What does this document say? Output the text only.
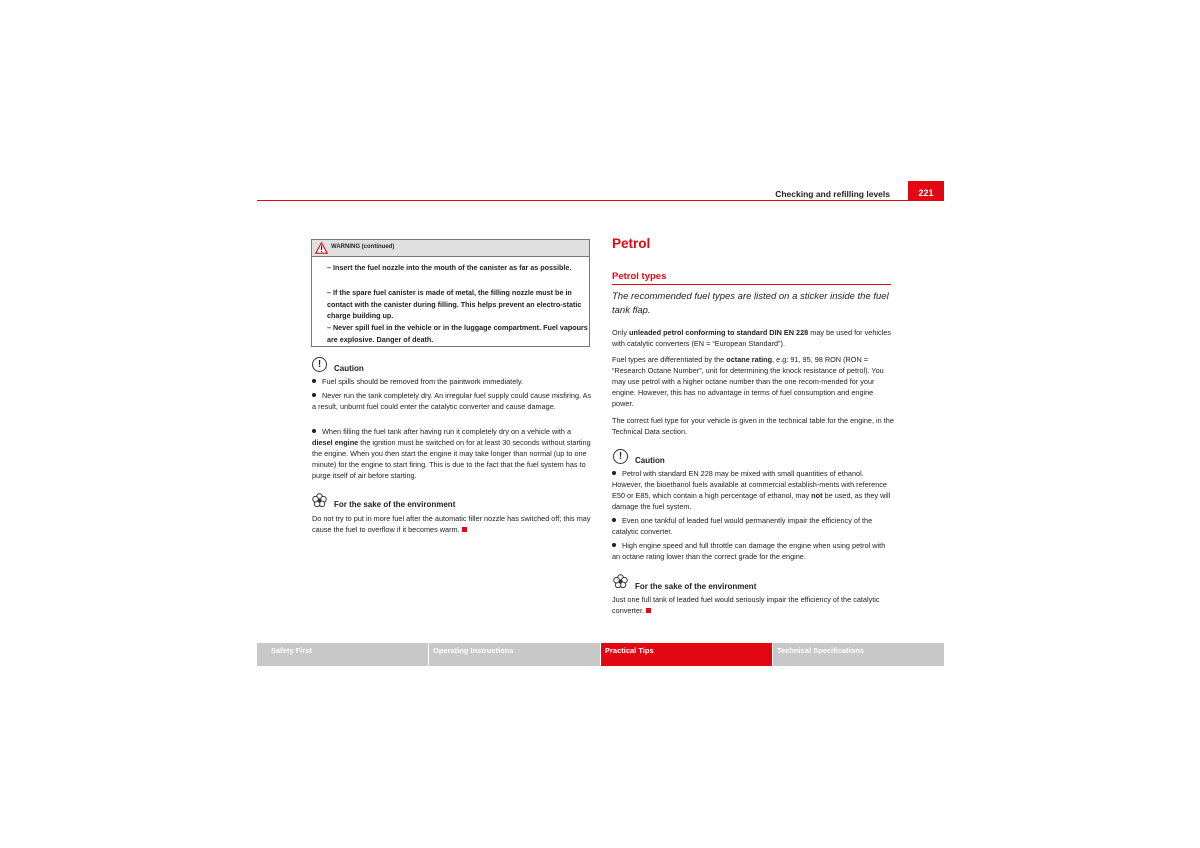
Checking and refilling levels	221
WARNING (continued)
– Insert the fuel nozzle into the mouth of the canister as far as possible.
– If the spare fuel canister is made of metal, the filling nozzle must be in contact with the canister during filling. This helps prevent an electro-static charge building up.
– Never spill fuel in the vehicle or in the luggage compartment. Fuel vapours are explosive. Danger of death.
!	Caution
Fuel spills should be removed from the paintwork immediately.
Never run the tank completely dry. An irregular fuel supply could cause misfiring. As a result, unburnt fuel could enter the catalytic converter and cause damage.
When filling the fuel tank after having run it completely dry on a vehicle with a diesel engine the ignition must be switched on for at least 30 seconds without starting the engine. When you then start the engine it may take longer than normal (up to one minute) for the engine to start firing. This is due to the fact that the fuel system has to purge itself of air before starting.
For the sake of the environment
Do not try to put in more fuel after the automatic filler nozzle has switched off; this may cause the fuel to overflow if it becomes warm.
Petrol
Petrol types
The recommended fuel types are listed on a sticker inside the fuel tank flap.
Only unleaded petrol conforming to standard DIN EN 228 may be used for vehicles with catalytic converters (EN = “European Standard”).
Fuel types are differentiated by the octane rating, e.g: 91, 95, 98 RON (RON = “Research Octane Number”, unit for determining the knock resistance of petrol). You may use petrol with a higher octane number than the one recom-mended for your engine. However, this has no advantage in terms of fuel consumption and engine power.
The correct fuel type for your vehicle is given in the technical table for the engine, in the Technical Data section.
!	Caution
Petrol with standard EN 228 may be mixed with small quantities of ethanol. However, the bioethanol fuels available at commercial establish-ments with reference E50 or E85, which contain a high percentage of ethanol, may not be used, as they will damage the fuel system.
Even one tankful of leaded fuel would permanently impair the efficiency of the catalytic converter.
High engine speed and full throttle can damage the engine when using petrol with an octane rating lower than the correct grade for the engine.
For the sake of the environment
Just one full tank of leaded fuel would seriously impair the efficiency of the catalytic converter.
Safety First	Operating Instructions	Practical Tips	Technical Specifications
